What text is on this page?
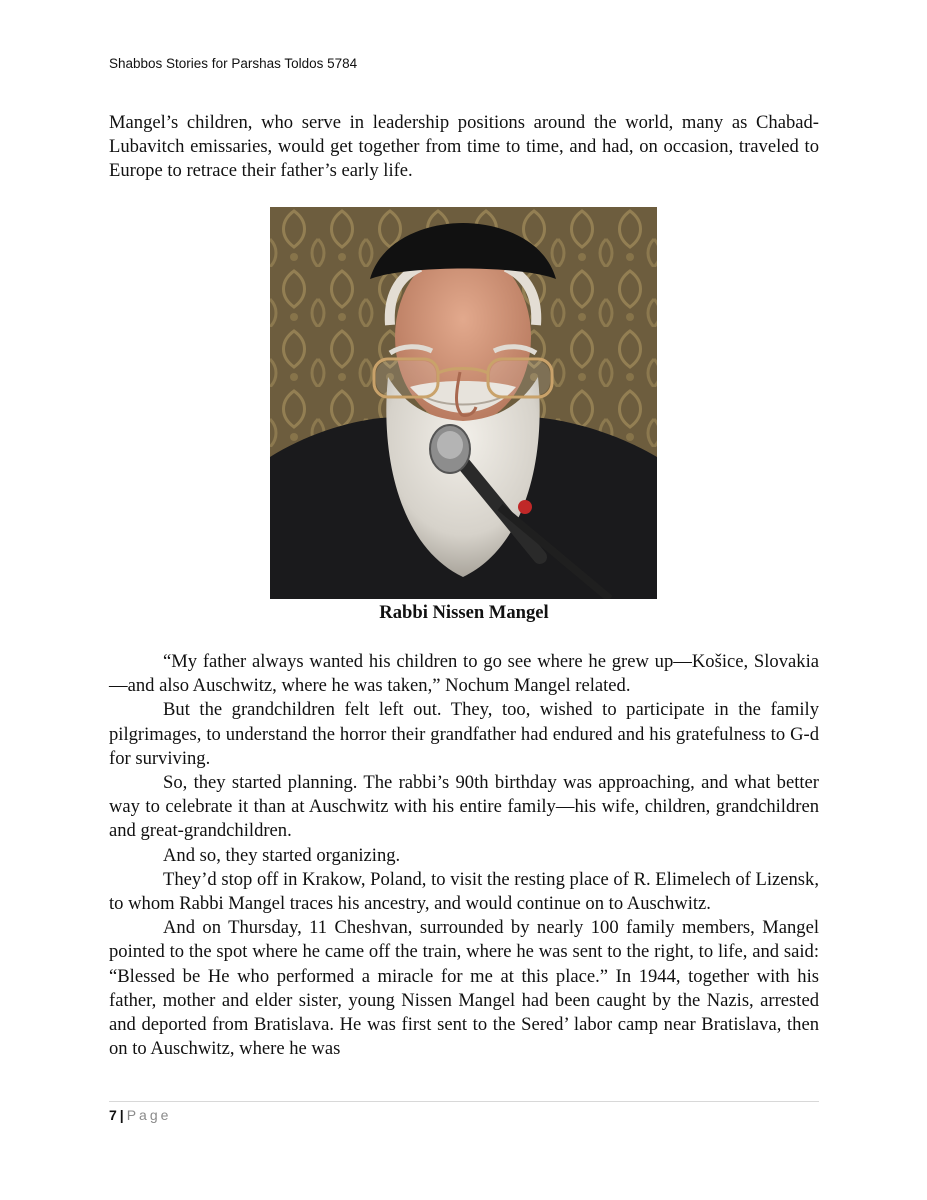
Shabbos Stories for Parshas Toldos 5784

Mangel’s children, who serve in leadership positions around the world, many as Chabad-Lubavitch emissaries, would get together from time to time, and had, on occasion, traveled to Europe to retrace their father’s early life.

Rabbi Nissen Mangel

“My father always wanted his children to go see where he grew up—Košice, Slovakia—and also Auschwitz, where he was taken,” Nochum Mangel related.

But the grandchildren felt left out. They, too, wished to participate in the family pilgrimages, to understand the horror their grandfather had endured and his gratefulness to G-d for surviving.

So, they started planning. The rabbi’s 90th birthday was approaching, and what better way to celebrate it than at Auschwitz with his entire family—his wife, children, grandchildren and great-grandchildren.

And so, they started organizing.

They’d stop off in Krakow, Poland, to visit the resting place of R. Elimelech of Lizensk, to whom Rabbi Mangel traces his ancestry, and would continue on to Auschwitz.

And on Thursday, 11 Cheshvan, surrounded by nearly 100 family members, Mangel pointed to the spot where he came off the train, where he was sent to the right, to life, and said: “Blessed be He who performed a miracle for me at this place.” In 1944, together with his father, mother and elder sister, young Nissen Mangel had been caught by the Nazis, arrested and deported from Bratislava. He was first sent to the Sered’ labor camp near Bratislava, then on to Auschwitz, where he was

7 | Page
